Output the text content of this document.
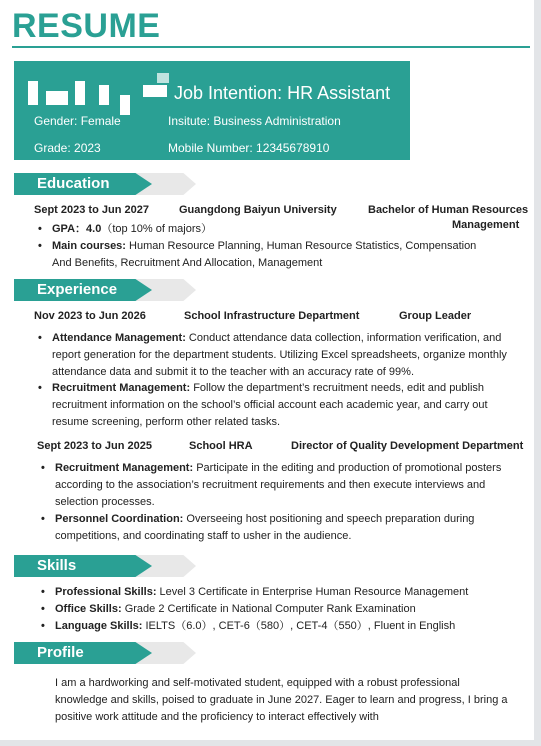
RESUME
Job Intention: HR Assistant
Gender: Female	Insitute: Business Administration
Grade: 2023	Mobile Number: 12345678910
Education
Sept 2023 to Jun 2027	Guangdong Baiyun University	Bachelor of Human Resources
Management
• GPA：4.0（top 10% of majors）
• Main courses: Human Resource Planning, Human Resource Statistics, Compensation
And Benefits, Recruitment And Allocation, Management
Experience
Nov 2023 to Jun 2026	School Infrastructure Department	Group Leader
• Attendance Management: Conduct attendance data collection, information verification, and
report generation for the department students. Utilizing Excel spreadsheets, organize monthly
attendance data and submit it to the teacher with an accuracy rate of 99%.
• Recruitment Management: Follow the department’s recruitment needs, edit and publish
recruitment information on the school’s official account each academic year, and carry out
resume screening, perform other related tasks.
Sept 2023 to Jun 2025	School HRA	Director of Quality Development Department
• Recruitment Management: Participate in the editing and production of promotional posters
according to the association’s recruitment requirements and then execute interviews and
selection processes.
• Personnel Coordination: Overseeing host positioning and speech preparation during
competitions, and coordinating staff to usher in the audience.
Skills
• Professional Skills: Level 3 Certificate in Enterprise Human Resource Management
• Office Skills: Grade 2 Certificate in National Computer Rank Examination
• Language Skills: IELTS（6.0）, CET-6（580）, CET-4（550）, Fluent in English
Profile
I am a hardworking and self-motivated student, equipped with a robust professional
knowledge and skills, poised to graduate in June 2027. Eager to learn and progress, I bring a
positive work attitude and the proficiency to interact effectively with
